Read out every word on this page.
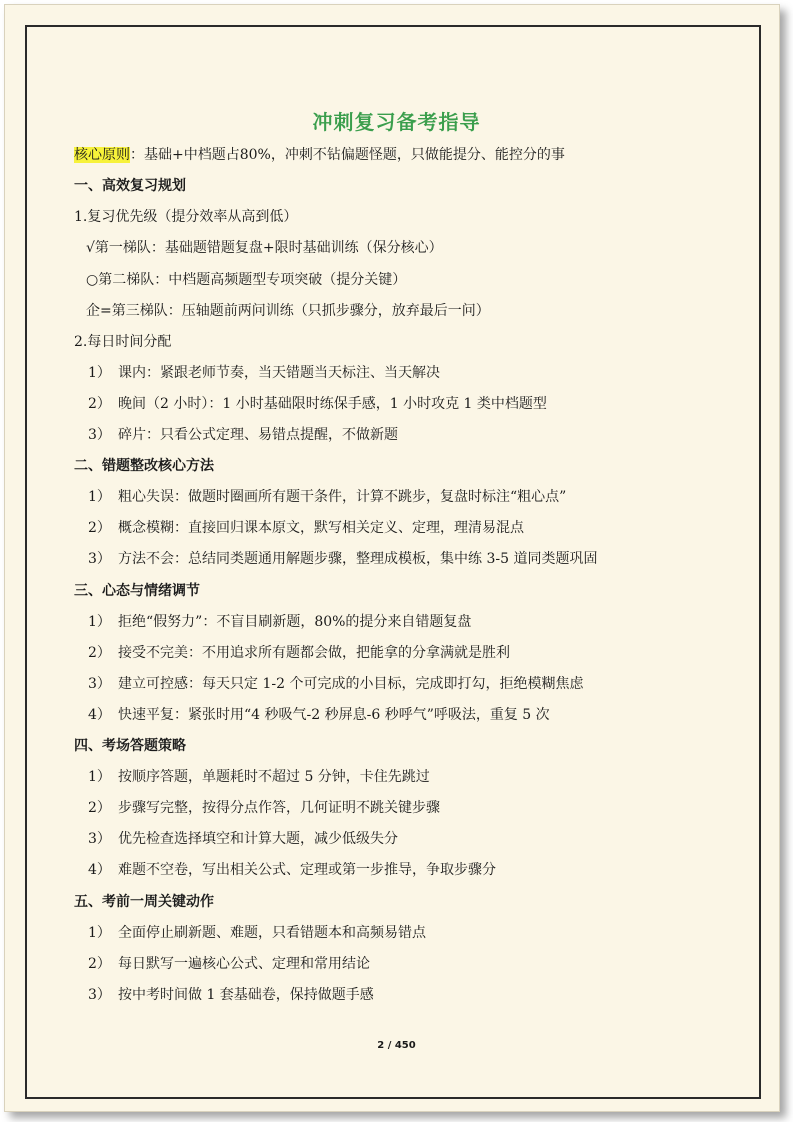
冲刺复习备考指导
核心原则：基础+中档题占80%，冲刺不钻偏题怪题，只做能提分、能控分的事
一、高效复习规划
1.复习优先级（提分效率从高到低）
√第一梯队：基础题错题复盘+限时基础训练（保分核心）
○第二梯队：中档题高频题型专项突破（提分关键）
企=第三梯队：压轴题前两问训练（只抓步骤分，放弃最后一问）
2.每日时间分配
1） 课内：紧跟老师节奏，当天错题当天标注、当天解决
2） 晚间（2 小时）：1 小时基础限时练保手感，1 小时攻克 1 类中档题型
3） 碎片：只看公式定理、易错点提醒，不做新题
二、错题整改核心方法
1） 粗心失误：做题时圈画所有题干条件，计算不跳步，复盘时标注“粗心点”
2） 概念模糊：直接回归课本原文，默写相关定义、定理，理清易混点
3） 方法不会：总结同类题通用解题步骤，整理成模板，集中练 3-5 道同类题巩固
三、心态与情绪调节
1） 拒绝“假努力”：不盲目刷新题，80%的提分来自错题复盘
2） 接受不完美：不用追求所有题都会做，把能拿的分拿满就是胜利
3） 建立可控感：每天只定 1-2 个可完成的小目标，完成即打勾，拒绝模糊焦虑
4） 快速平复：紧张时用“4 秒吸气-2 秒屏息-6 秒呼气”呼吸法，重复 5 次
四、考场答题策略
1） 按顺序答题，单题耗时不超过 5 分钟，卡住先跳过
2） 步骤写完整，按得分点作答，几何证明不跳关键步骤
3） 优先检查选择填空和计算大题，减少低级失分
4） 难题不空卷，写出相关公式、定理或第一步推导，争取步骤分
五、考前一周关键动作
1） 全面停止刷新题、难题，只看错题本和高频易错点
2） 每日默写一遍核心公式、定理和常用结论
3） 按中考时间做 1 套基础卷，保持做题手感
2 / 450
